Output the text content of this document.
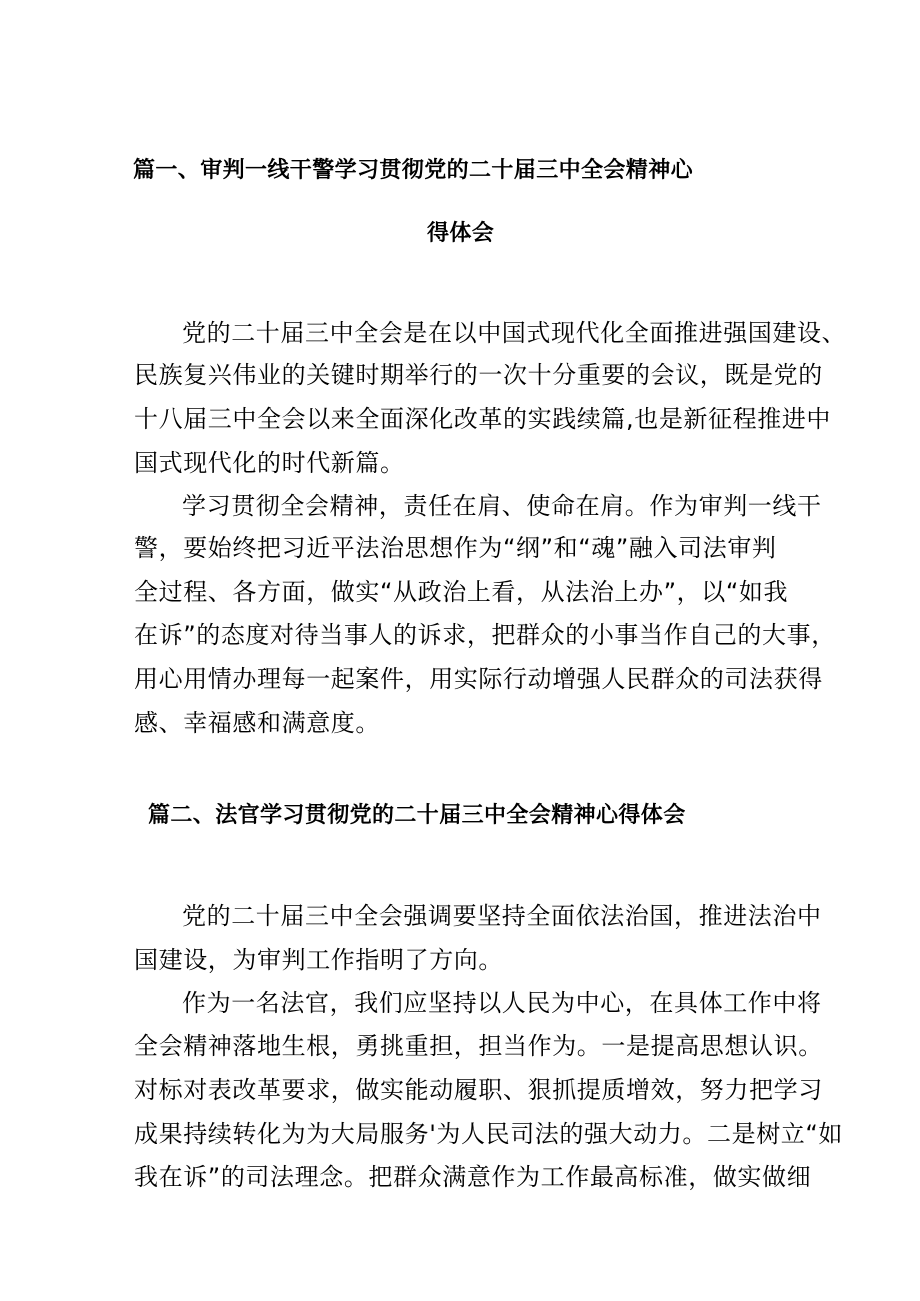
篇一、审判一线干警学习贯彻党的二十届三中全会精神心
得体会
党的二十届三中全会是在以中国式现代化全面推进强国建设、
民族复兴伟业的关键时期举行的一次十分重要的会议，既是党的
十八届三中全会以来全面深化改革的实践续篇,也是新征程推进中
国式现代化的时代新篇。
学习贯彻全会精神，责任在肩、使命在肩。作为审判一线干
警，要始终把习近平法治思想作为“纲”和“魂”融入司法审判
全过程、各方面，做实“从政治上看，从法治上办”，以“如我
在诉”的态度对待当事人的诉求，把群众的小事当作自己的大事，
用心用情办理每一起案件，用实际行动增强人民群众的司法获得
感、幸福感和满意度。
篇二、法官学习贯彻党的二十届三中全会精神心得体会
党的二十届三中全会强调要坚持全面依法治国，推进法治中
国建设，为审判工作指明了方向。
作为一名法官，我们应坚持以人民为中心，在具体工作中将
全会精神落地生根，勇挑重担，担当作为。一是提高思想认识。
对标对表改革要求，做实能动履职、狠抓提质增效，努力把学习
成果持续转化为为大局服务'为人民司法的强大动力。二是树立“如
我在诉”的司法理念。把群众满意作为工作最高标准，做实做细
